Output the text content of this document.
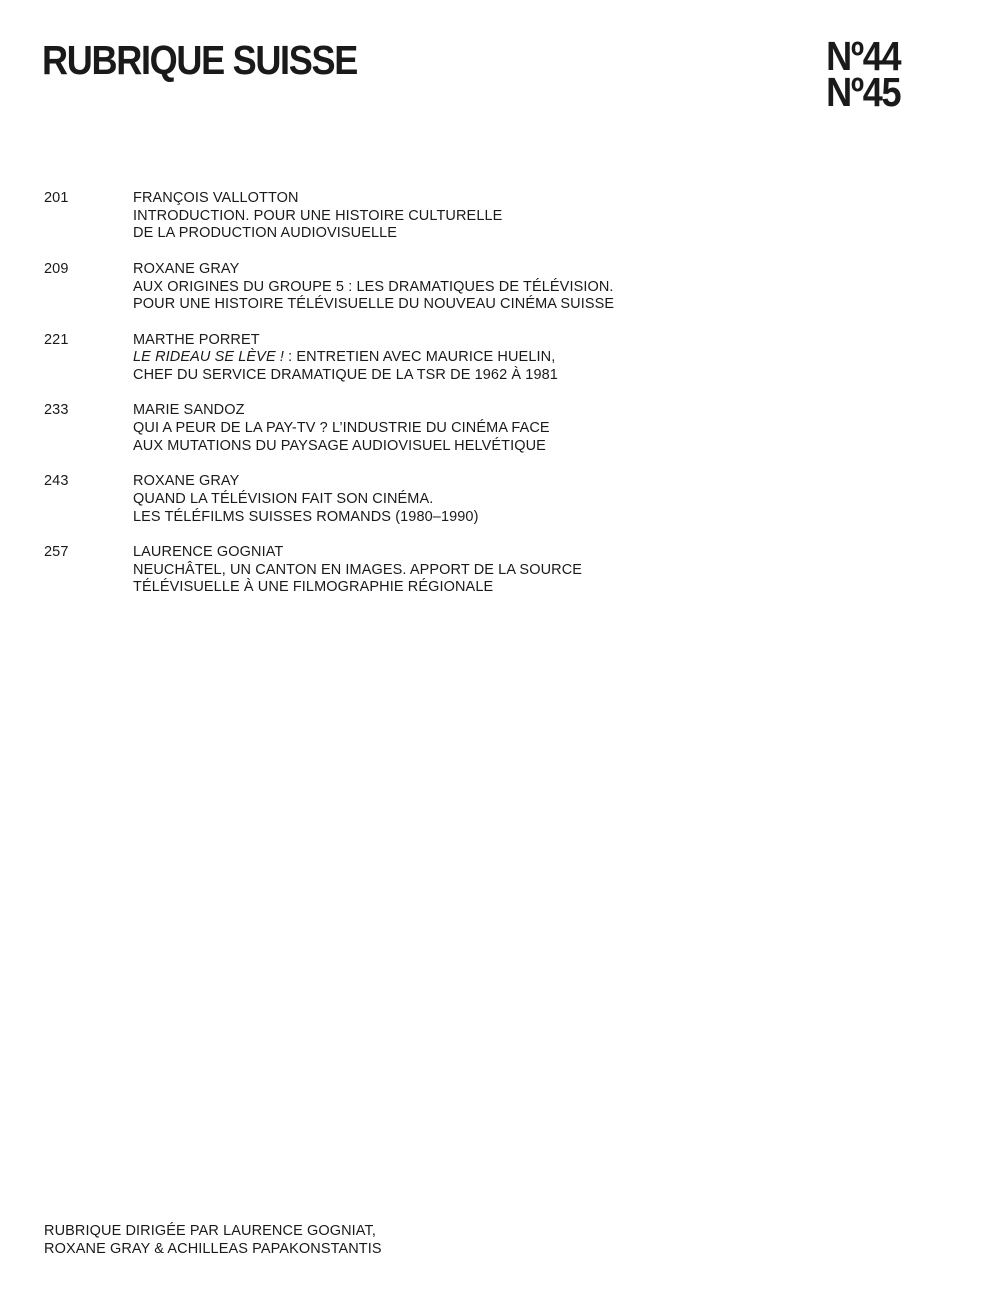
RUBRIQUE SUISSE	Nº44
Nº45
201	FRANÇOIS VALLOTTON
INTRODUCTION. POUR UNE HISTOIRE CULTURELLE
DE LA PRODUCTION AUDIOVISUELLE
209	ROXANE GRAY
AUX ORIGINES DU GROUPE 5 : LES DRAMATIQUES DE TÉLÉVISION.
POUR UNE HISTOIRE TÉLÉVISUELLE DU NOUVEAU CINÉMA SUISSE
221	MARTHE PORRET
LE RIDEAU SE LÈVE ! : ENTRETIEN AVEC MAURICE HUELIN,
CHEF DU SERVICE DRAMATIQUE DE LA TSR DE 1962 À 1981
233	MARIE SANDOZ
QUI A PEUR DE LA PAY-TV ? L’INDUSTRIE DU CINÉMA FACE
AUX MUTATIONS DU PAYSAGE AUDIOVISUEL HELVÉTIQUE
243	ROXANE GRAY
QUAND LA TÉLÉVISION FAIT SON CINÉMA.
LES TÉLÉFILMS SUISSES ROMANDS (1980–1990)
257	LAURENCE GOGNIAT
NEUCHÂTEL, UN CANTON EN IMAGES. APPORT DE LA SOURCE
TÉLÉVISUELLE À UNE FILMOGRAPHIE RÉGIONALE
RUBRIQUE DIRIGÉE PAR LAURENCE GOGNIAT,
ROXANE GRAY & ACHILLEAS PAPAKONSTANTIS
